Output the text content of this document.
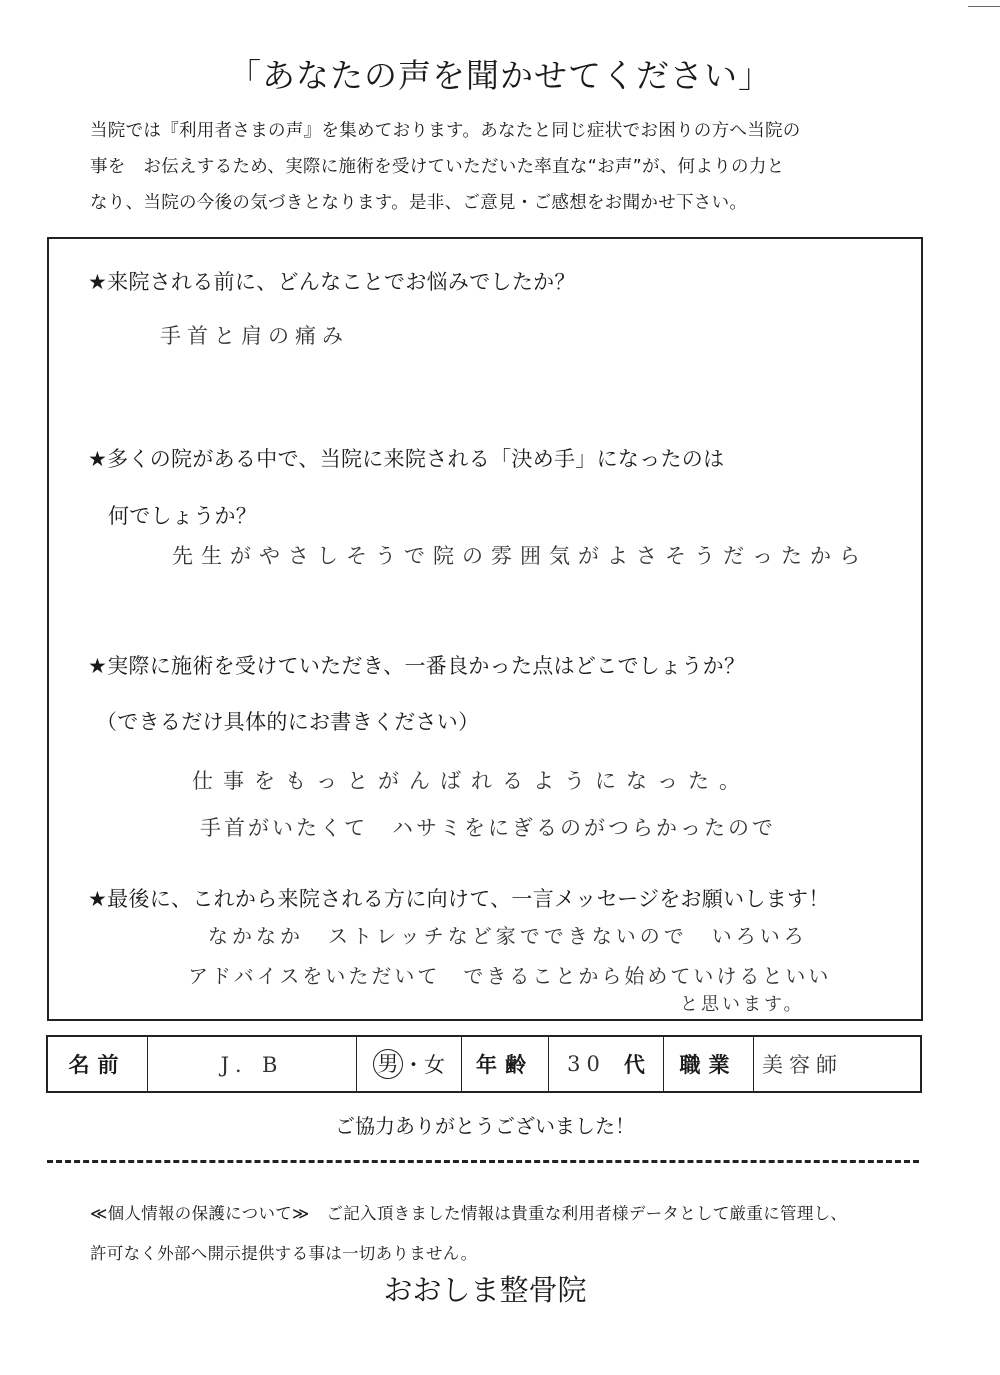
「あなたの声を聞かせてください」
当院では『利用者さまの声』を集めております。あなたと同じ症状でお困りの方へ当院の
事を　お伝えするため、実際に施術を受けていただいた率直な“お声”が、何よりの力と
なり、当院の今後の気づきとなります。是非、ご意見・ご感想をお聞かせ下さい。
★来院される前に、どんなことでお悩みでしたか？
手首と肩の痛み
★多くの院がある中で、当院に来院される「決め手」になったのは
何でしょうか？
先生がやさしそうで院の雰囲気がよさそうだったから
★実際に施術を受けていただき、一番良かった点はどこでしょうか？
（できるだけ具体的にお書きください）
仕事をもっとがんばれるようになった。
手首がいたくて　ハサミをにぎるのがつらかったので
★最後に、これから来院される方に向けて、一言メッセージをお願いします！
なかなか　ストレッチなど家でできないので　いろいろ
アドバイスをいただいて　できることから始めていけるといい
と思います。
名前	J．B	男 ・ 女	年齢	30 代	職業	美容師
ご協力ありがとうございました！
≪個人情報の保護について≫　ご記入頂きました情報は貴重な利用者様データとして厳重に管理し、
許可なく外部へ開示提供する事は一切ありません。
おおしま整骨院
